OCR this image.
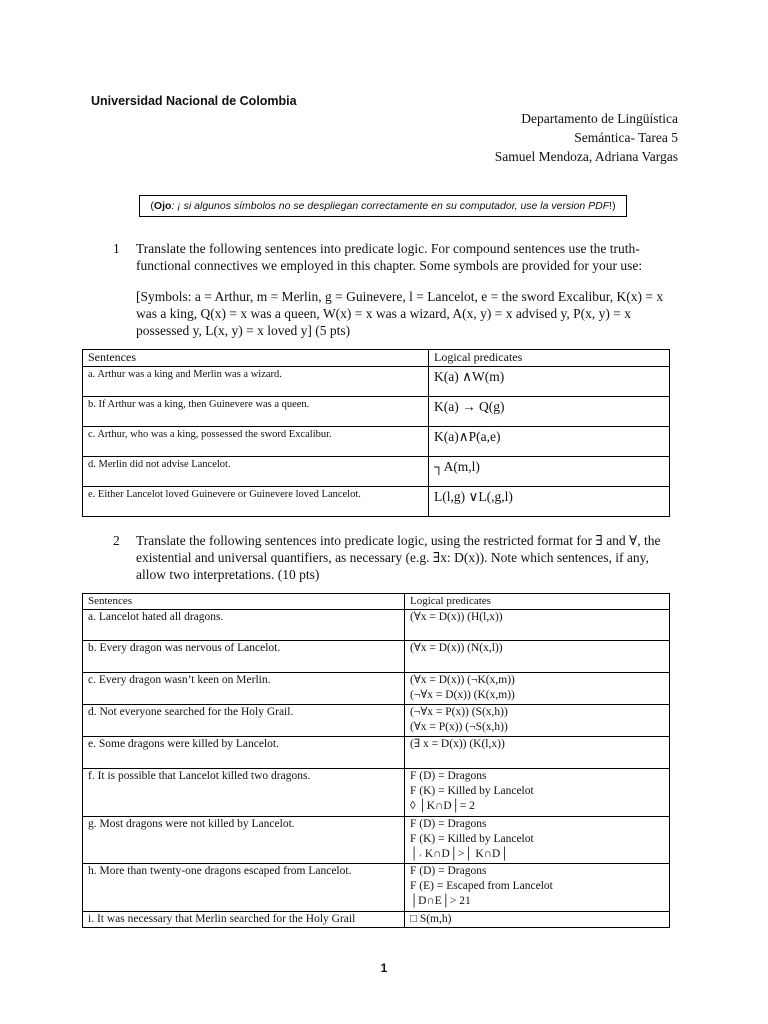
Universidad Nacional de Colombia
Departamento de Lingüística
Semántica- Tarea 5
Samuel Mendoza, Adriana Vargas
( Ojo : ¡ si algunos símbolos no se despliegan correctamente en su computador, use la version PDF !)
1 Translate the following sentences into predicate logic. For compound sentences use the truth-functional connectives we employed in this chapter. Some symbols are provided for your use:
[Symbols: a = Arthur, m = Merlin, g = Guinevere, l = Lancelot, e = the sword Excalibur, K(x) = x was a king, Q(x) = x was a queen, W(x) = x was a wizard, A(x, y) = x advised y, P(x, y) = x possessed y, L(x, y) = x loved y] (5 pts)
Sentences	Logical predicates
a. Arthur was a king and Merlin was a wizard.	K(a) ∧W(m)
b. If Arthur was a king, then Guinevere was a queen.	K(a) → Q(g)
c. Arthur, who was a king, possessed the sword Excalibur.	K(a)∧P(a,e)
d. Merlin did not advise Lancelot.	┐A(m,l)
e. Either Lancelot loved Guinevere or Guinevere loved Lancelot.	L(l,g) ∨L(,g,l)
2 Translate the following sentences into predicate logic, using the restricted format for ∃ and ∀, the existential and universal quantifiers, as necessary (e.g. ∃x: D(x)). Note which sentences, if any, allow two interpretations. (10 pts)
Sentences	Logical predicates
a. Lancelot hated all dragons.	(∀x = D(x)) (H(l,x))

b. Every dragon was nervous of Lancelot.	(∀x = D(x)) (N(x,l))

c. Every dragon wasn’t keen on Merlin.	(∀x = D(x)) (¬K(x,m))
(¬∀x = D(x)) (K(x,m))

d. Not everyone searched for the Holy Grail.	(¬∀x = P(x)) (S(x,h))
(∀x = P(x)) (¬S(x,h))

e. Some dragons were killed by Lancelot.	(∃ x = D(x)) (K(l,x))

f. It is possible that Lancelot killed two dragons.	F (D) = Dragons
F (K) = Killed by Lancelot
◊ │K∩D│= 2

g. Most dragons were not killed by Lancelot.	F (D) = Dragons
F (K) = Killed by Lancelot
│˒ K∩D│>│ K∩D│

h. More than twenty-one dragons escaped from Lancelot.	F (D) = Dragons
F (E) = Escaped from Lancelot
│D∩E│> 21

i. It was necessary that Merlin searched for the Holy Grail	□ S(m,h)
1
